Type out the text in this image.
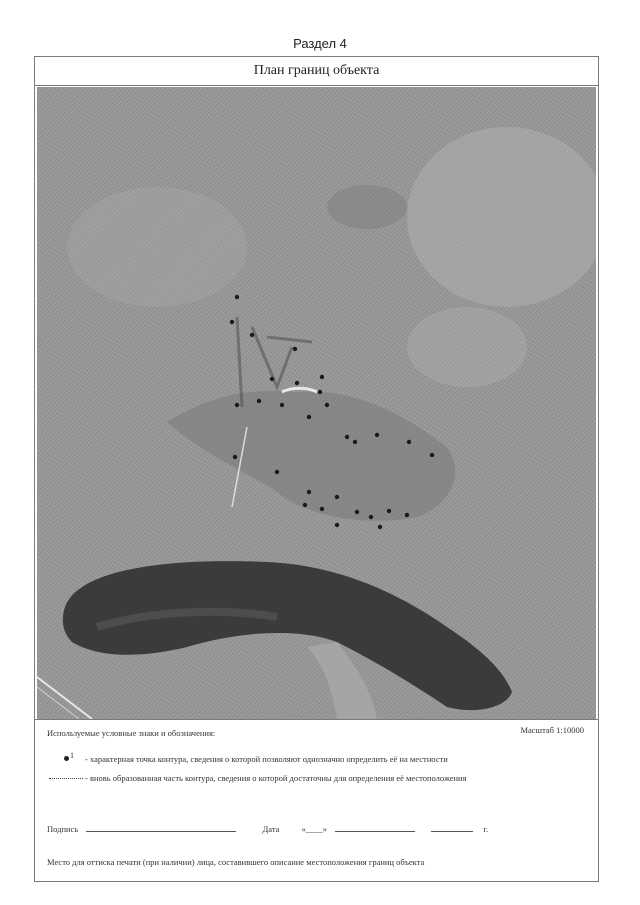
Раздел 4
План границ объекта
Используемые условные знаки и обозначения:	Масштаб 1:10000
1 - характерная точка контура, сведения о которой позволяют однозначно определить её на местности
- вновь образованная часть контура, сведения о которой достаточны для определения её местоположения
Подпись	Дата	«____»	г.
Место для оттиска печати (при наличии) лица, составившего описание местоположения границ объекта
